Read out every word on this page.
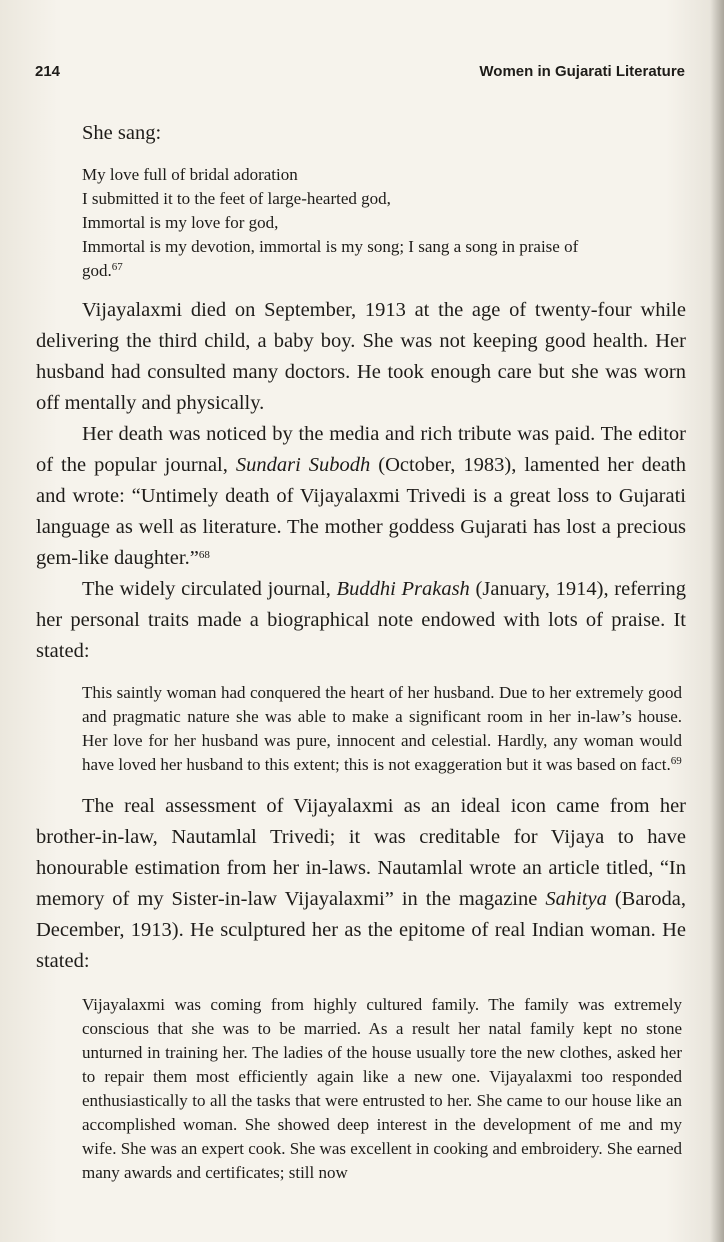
214	Women in Gujarati Literature

She sang:

My love full of bridal adoration
I submitted it to the feet of large-hearted god,
Immortal is my love for god,
Immortal is my devotion, immortal is my song; I sang a song in praise of
god.$^{67}$

Vijayalaxmi died on September, 1913 at the age of twenty-four while delivering the third child, a baby boy. She was not keeping good health. Her husband had consulted many doctors. He took enough care but she was worn off mentally and physically.

Her death was noticed by the media and rich tribute was paid. The editor of the popular journal, Sundari Subodh (October, 1983), lamented her death and wrote: “Untimely death of Vijayalaxmi Trivedi is a great loss to Gujarati language as well as literature. The mother goddess Gujarati has lost a precious gem-like daughter.”$^{68}$

The widely circulated journal, Buddhi Prakash (January, 1914), referring her personal traits made a biographical note endowed with lots of praise. It stated:

This saintly woman had conquered the heart of her husband. Due to her extremely good and pragmatic nature she was able to make a significant room in her in-law’s house. Her love for her husband was pure, innocent and celestial. Hardly, any woman would have loved her husband to this extent; this is not exaggeration but it was based on fact.$^{69}$

The real assessment of Vijayalaxmi as an ideal icon came from her brother-in-law, Nautamlal Trivedi; it was creditable for Vijaya to have honourable estimation from her in-laws. Nautamlal wrote an article titled, “In memory of my Sister-in-law Vijayalaxmi” in the magazine Sahitya (Baroda, December, 1913). He sculptured her as the epitome of real Indian woman. He stated:

Vijayalaxmi was coming from highly cultured family. The family was extremely conscious that she was to be married. As a result her natal family kept no stone unturned in training her. The ladies of the house usually tore the new clothes, asked her to repair them most efficiently again like a new one. Vijayalaxmi too responded enthusiastically to all the tasks that were entrusted to her. She came to our house like an accomplished woman. She showed deep interest in the development of me and my wife. She was an expert cook. She was excellent in cooking and embroidery. She earned many awards and certificates; still now
